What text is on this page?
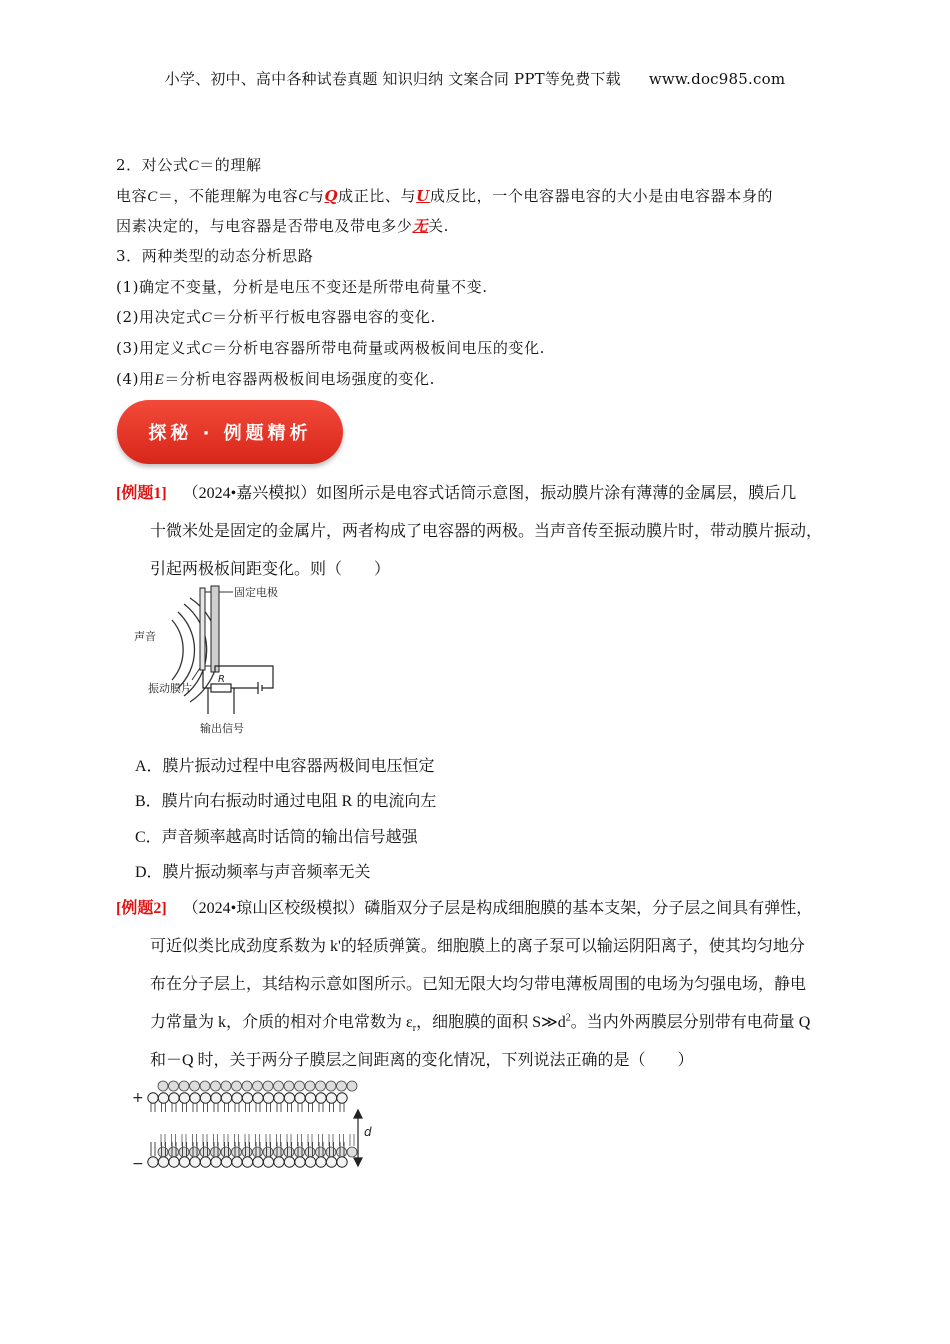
小学、初中、高中各种试卷真题 知识归纳 文案合同 PPT等免费下载 www.doc985.com
2．对公式C＝的理解
电容C＝，不能理解为电容C与Q成正比、与U成反比，一个电容器电容的大小是由电容器本身的
因素决定的，与电容器是否带电及带电多少无关.
3．两种类型的动态分析思路
(1)确定不变量，分析是电压不变还是所带电荷量不变.
(2)用决定式C＝分析平行板电容器电容的变化.
(3)用定义式C＝分析电容器所带电荷量或两极板间电压的变化.
(4)用E＝分析电容器两极板间电场强度的变化.
探秘 · 例题精析
[例题1] （2024•嘉兴模拟）如图所示是电容式话筒示意图，振动膜片涂有薄薄的金属层，膜后几
十微米处是固定的金属片，两者构成了电容器的两极。当声音传至振动膜片时，带动膜片振动，
引起两极板间距变化。则（　　）
固定电极
声音
振动膜片
R
输出信号
A．膜片振动过程中电容器两极间电压恒定
B．膜片向右振动时通过电阻 R 的电流向左
C．声音频率越高时话筒的输出信号越强
D．膜片振动频率与声音频率无关
[例题2] （2024•琼山区校级模拟）磷脂双分子层是构成细胞膜的基本支架，分子层之间具有弹性，
可近似类比成劲度系数为 k'的轻质弹簧。细胞膜上的离子泵可以输运阴阳离子，使其均匀地分
布在分子层上，其结构示意如图所示。已知无限大均匀带电薄板周围的电场为匀强电场，静电
力常量为 k，介质的相对介电常数为 $\varepsilon_r$，细胞膜的面积 $S≫d^2$。当内外两膜层分别带有电荷量 Q
和－Q 时，关于两分子膜层之间距离的变化情况，下列说法正确的是（　　）
+
−
d
